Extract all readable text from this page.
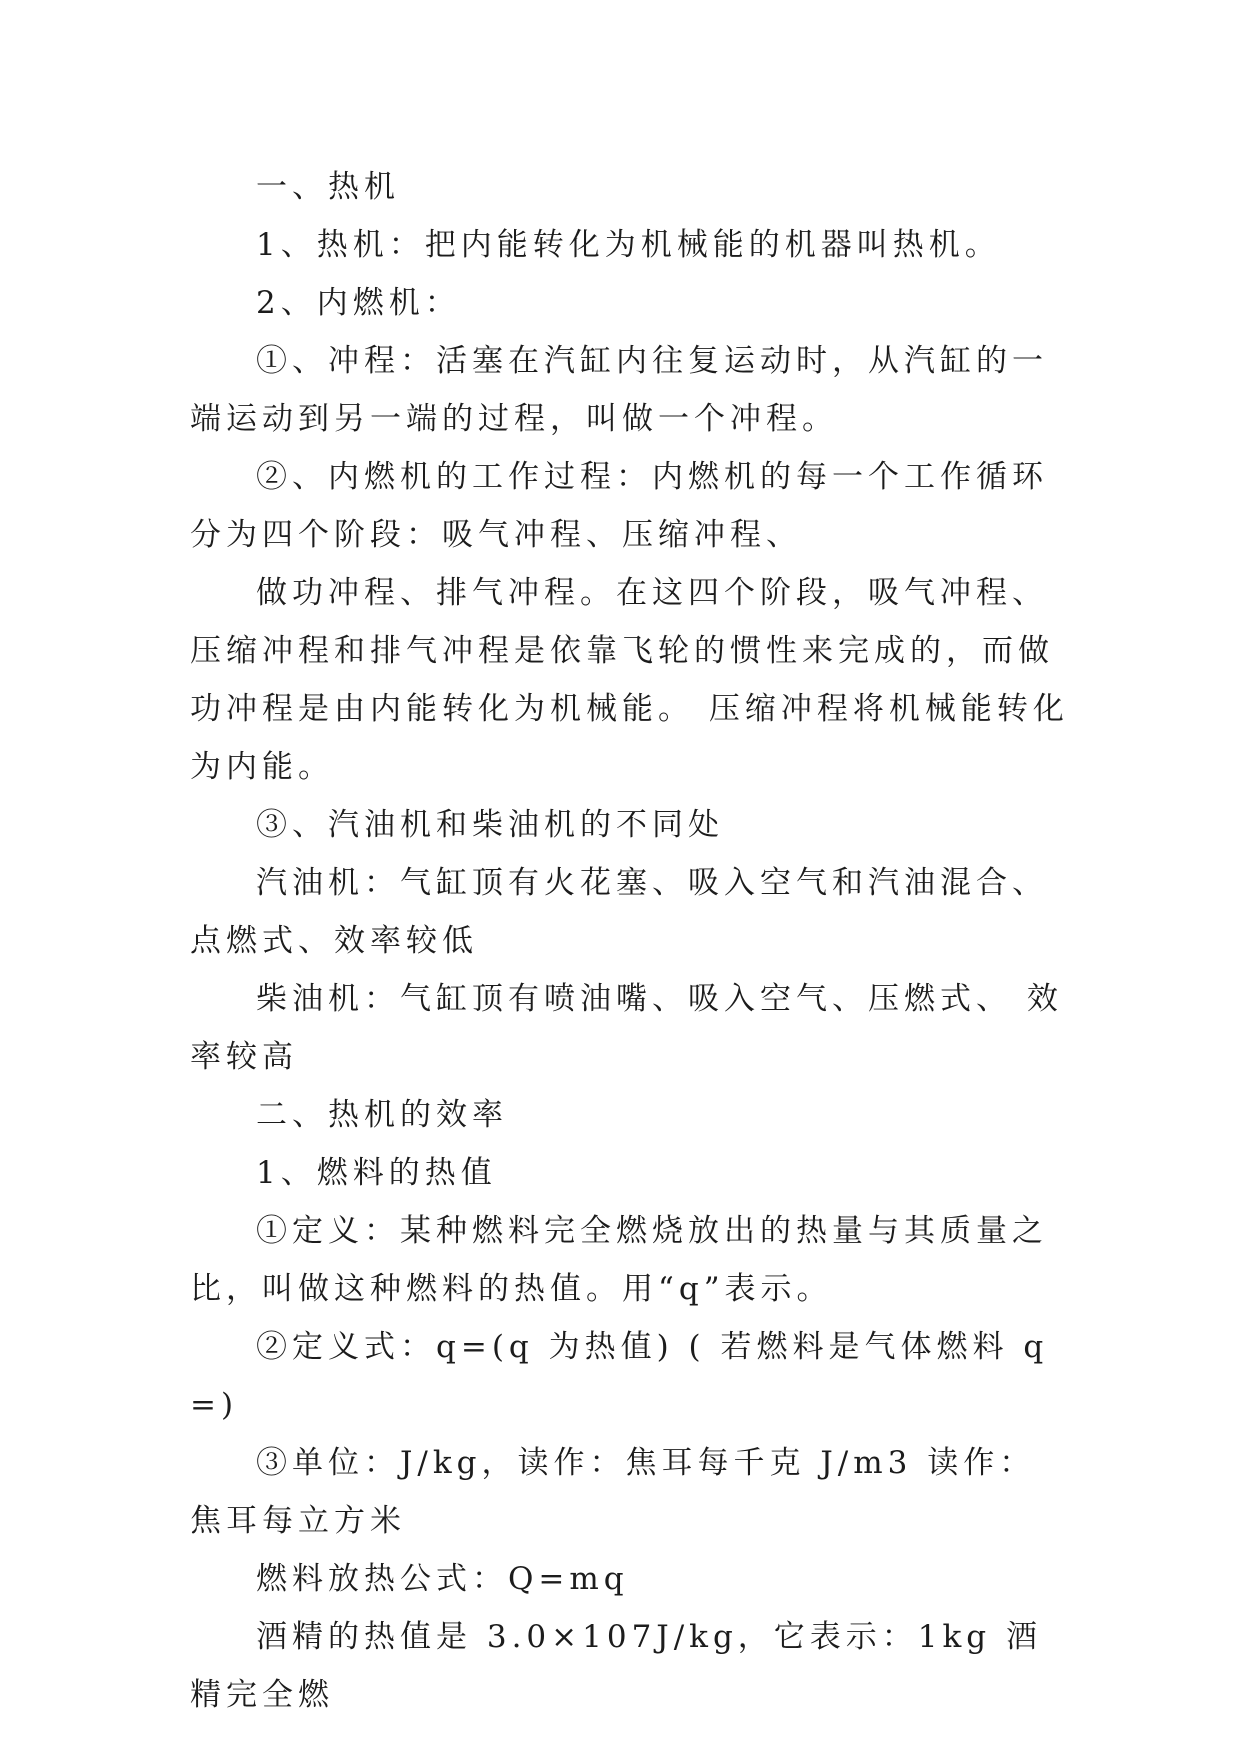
一、热机

1、热机：把内能转化为机械能的机器叫热机。

2、内燃机：

①、冲程：活塞在汽缸内往复运动时，从汽缸的一端运动到另一端的过程，叫做一个冲程。

②、内燃机的工作过程：内燃机的每一个工作循环分为四个阶段：吸气冲程、压缩冲程、

做功冲程、排气冲程。在这四个阶段，吸气冲程、压缩冲程和排气冲程是依靠飞轮的惯性来完成的，而做功冲程是由内能转化为机械能。 压缩冲程将机械能转化为内能。

③、汽油机和柴油机的不同处

汽油机：气缸顶有火花塞、吸入空气和汽油混合、点燃式、效率较低

柴油机：气缸顶有喷油嘴、吸入空气、压燃式、 效率较高

二、热机的效率

1、燃料的热值

①定义：某种燃料完全燃烧放出的热量与其质量之比，叫做这种燃料的热值。用“q”表示。

②定义式：q=(q 为热值) ( 若燃料是气体燃料 q=)

③单位：J/kg，读作：焦耳每千克 J/m3 读作：焦耳每立方米

燃料放热公式：Q=mq

酒精的热值是 3.0×107J/kg，它表示：1kg 酒精完全燃
